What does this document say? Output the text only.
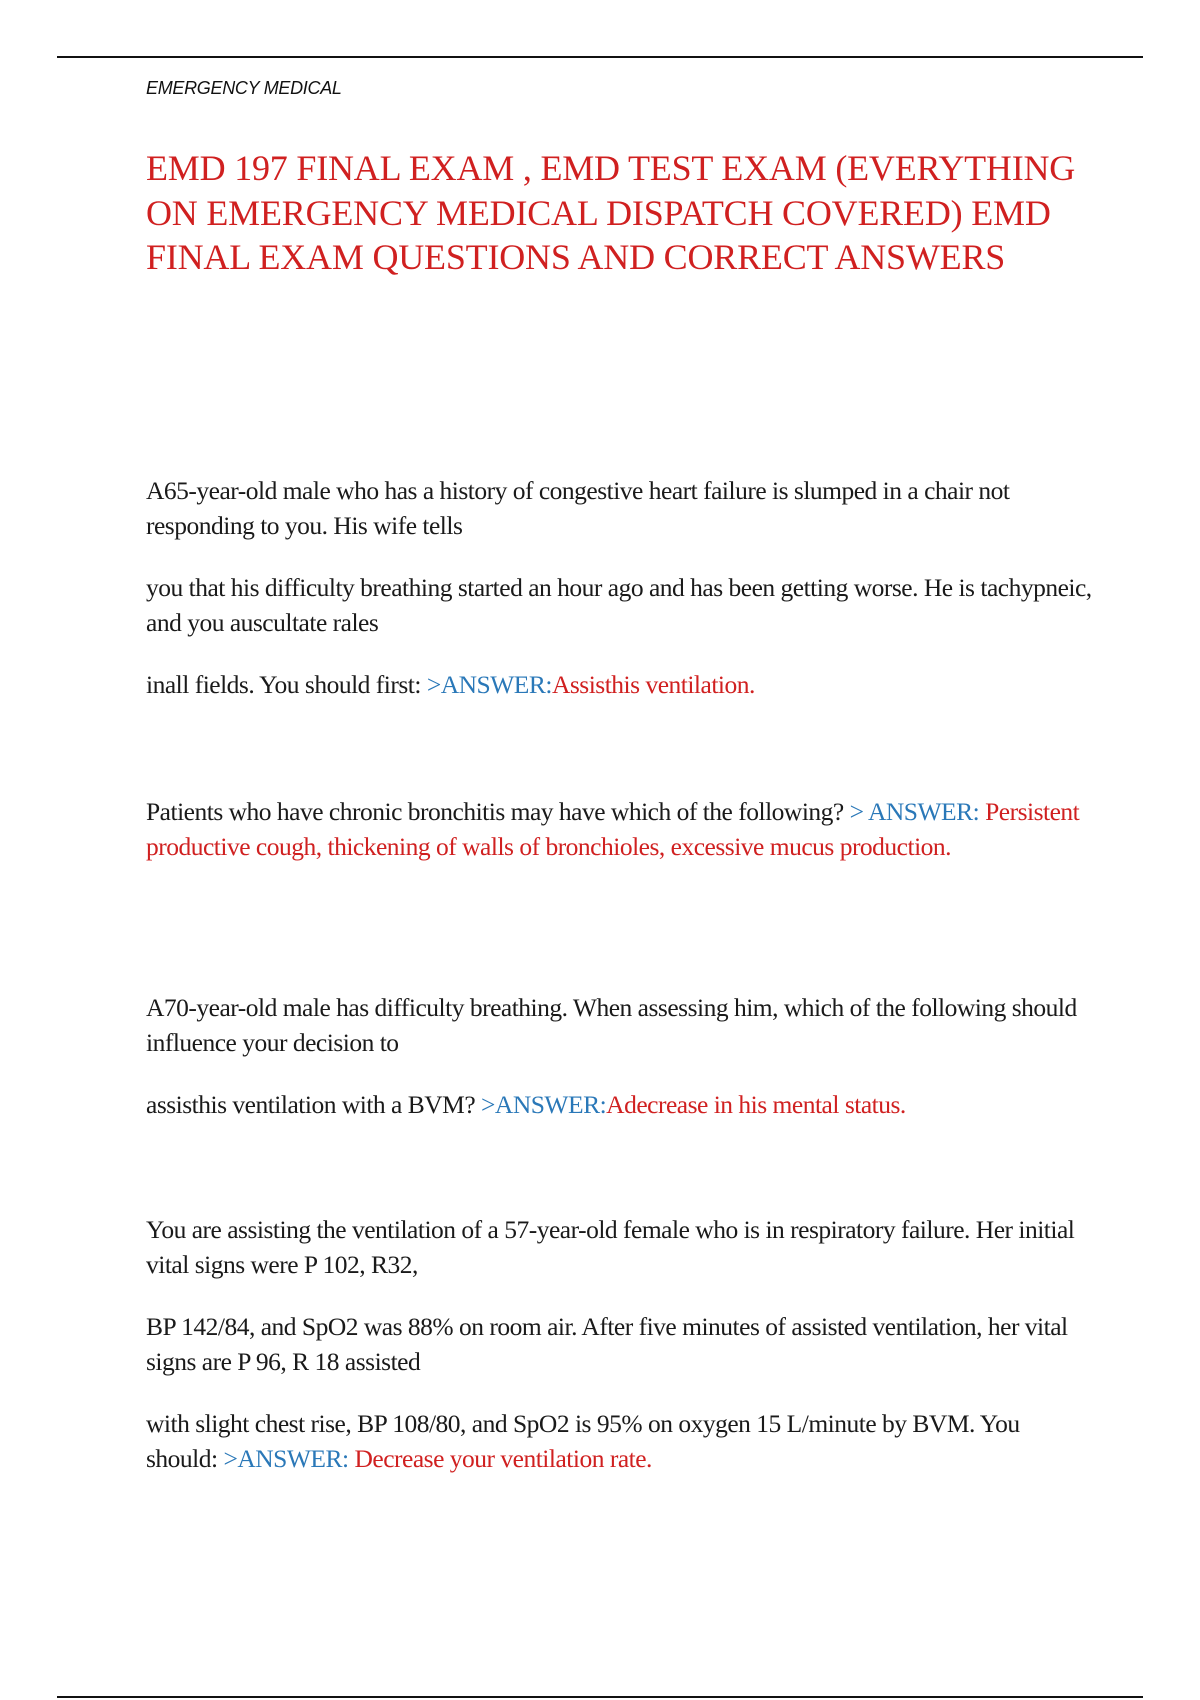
EMERGENCY MEDICAL
EMD 197 FINAL EXAM , EMD TEST EXAM (EVERYTHING ON EMERGENCY MEDICAL DISPATCH COVERED) EMD FINAL EXAM QUESTIONS AND CORRECT ANSWERS

A65-year-old male who has a history of congestive heart failure is slumped in a chair not responding to you. His wife tells

you that his difficulty breathing started an hour ago and has been getting worse. He is tachypneic, and you auscultate rales

inall fields. You should first: >ANSWER:Assisthis ventilation.

Patients who have chronic bronchitis may have which of the following? > ANSWER: Persistent productive cough, thickening of walls of bronchioles, excessive mucus production.

A70-year-old male has difficulty breathing. When assessing him, which of the following should influence your decision to

assisthis ventilation with a BVM? >ANSWER:Adecrease in his mental status.

You are assisting the ventilation of a 57-year-old female who is in respiratory failure. Her initial vital signs were P 102, R32,

BP 142/84, and SpO2 was 88% on room air. After five minutes of assisted ventilation, her vital signs are P 96, R 18 assisted

with slight chest rise, BP 108/80, and SpO2 is 95% on oxygen 15 L/minute by BVM. You should: >ANSWER: Decrease your ventilation rate.
